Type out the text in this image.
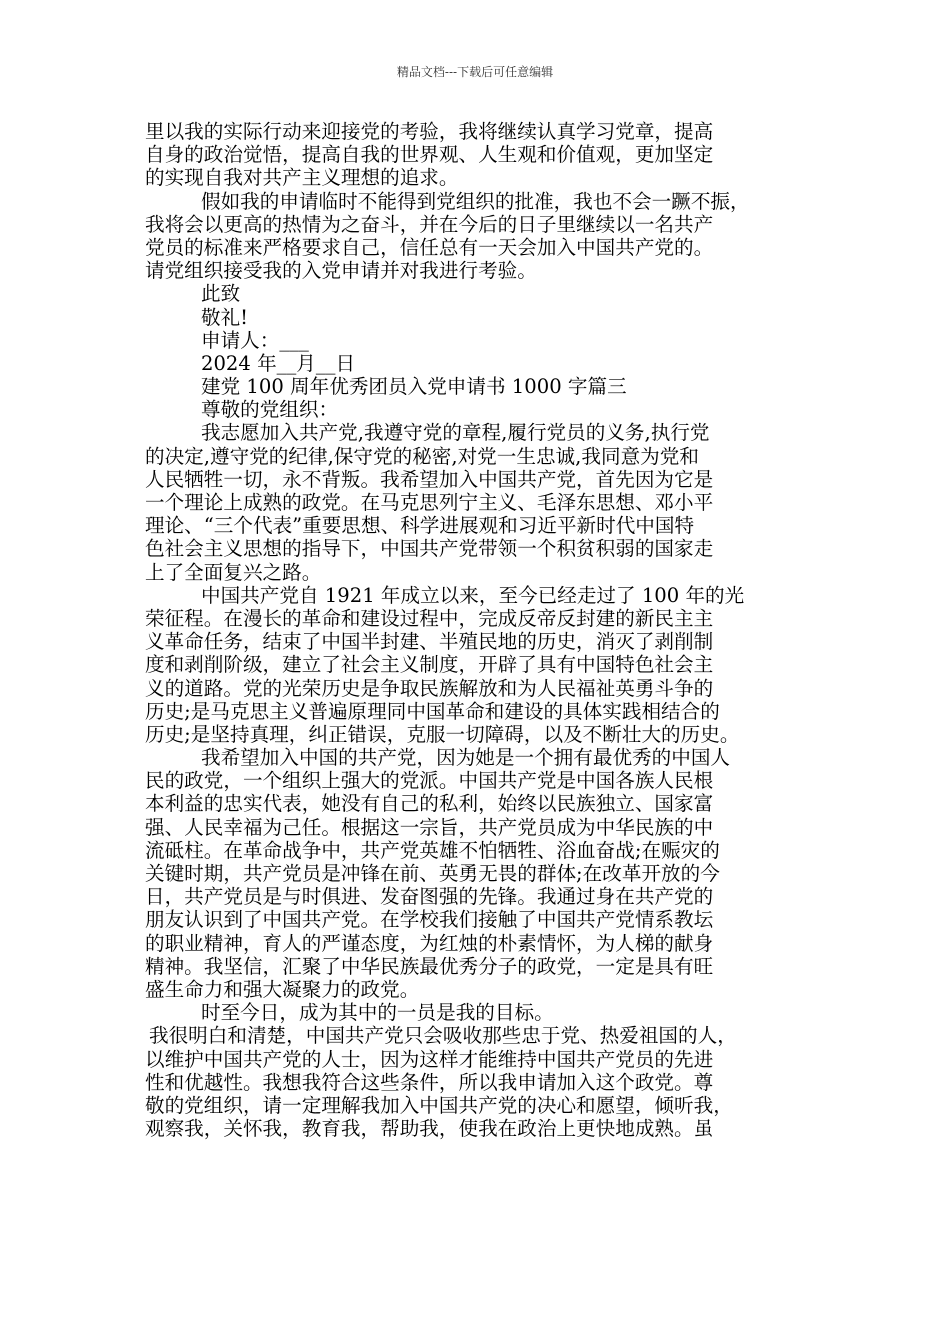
精品文档---下载后可任意编辑
里以我的实际行动来迎接党的考验，我将继续认真学习党章，提高
自身的政治觉悟，提高自我的世界观、人生观和价值观，更加坚定
的实现自我对共产主义理想的追求。
假如我的申请临时不能得到党组织的批准，我也不会一蹶不振，
我将会以更高的热情为之奋斗，并在今后的日子里继续以一名共产
党员的标准来严格要求自己，信任总有一天会加入中国共产党的。
请党组织接受我的入党申请并对我进行考验。
此致
敬礼!
申请人：___
2024 年__月__日
建党 100 周年优秀团员入党申请书 1000 字篇三
尊敬的党组织：
我志愿加入共产党,我遵守党的章程,履行党员的义务,执行党
的决定,遵守党的纪律,保守党的秘密,对党一生忠诚,我同意为党和
人民牺牲一切，永不背叛。我希望加入中国共产党，首先因为它是
一个理论上成熟的政党。在马克思列宁主义、毛泽东思想、邓小平
理论、“三个代表”重要思想、科学进展观和习近平新时代中国特
色社会主义思想的指导下，中国共产党带领一个积贫积弱的国家走
上了全面复兴之路。
中国共产党自 1921 年成立以来，至今已经走过了 100 年的光
荣征程。在漫长的革命和建设过程中，完成反帝反封建的新民主主
义革命任务，结束了中国半封建、半殖民地的历史，消灭了剥削制
度和剥削阶级，建立了社会主义制度，开辟了具有中国特色社会主
义的道路。党的光荣历史是争取民族解放和为人民福祉英勇斗争的
历史;是马克思主义普遍原理同中国革命和建设的具体实践相结合的
历史;是坚持真理，纠正错误，克服一切障碍，以及不断壮大的历史。
我希望加入中国的共产党，因为她是一个拥有最优秀的中国人
民的政党，一个组织上强大的党派。中国共产党是中国各族人民根
本利益的忠实代表，她没有自己的私利，始终以民族独立、国家富
强、人民幸福为己任。根据这一宗旨，共产党员成为中华民族的中
流砥柱。在革命战争中，共产党英雄不怕牺牲、浴血奋战;在赈灾的
关键时期，共产党员是冲锋在前、英勇无畏的群体;在改革开放的今
日，共产党员是与时俱进、发奋图强的先锋。我通过身在共产党的
朋友认识到了中国共产党。在学校我们接触了中国共产党情系教坛
的职业精神，育人的严谨态度，为红烛的朴素情怀，为人梯的献身
精神。我坚信，汇聚了中华民族最优秀分子的政党，一定是具有旺
盛生命力和强大凝聚力的政党。
时至今日，成为其中的一员是我的目标。
我很明白和清楚，中国共产党只会吸收那些忠于党、热爱祖国的人，
以维护中国共产党的人士，因为这样才能维持中国共产党员的先进
性和优越性。我想我符合这些条件，所以我申请加入这个政党。尊
敬的党组织，请一定理解我加入中国共产党的决心和愿望，倾听我，
观察我，关怀我，教育我，帮助我，使我在政治上更快地成熟。虽
